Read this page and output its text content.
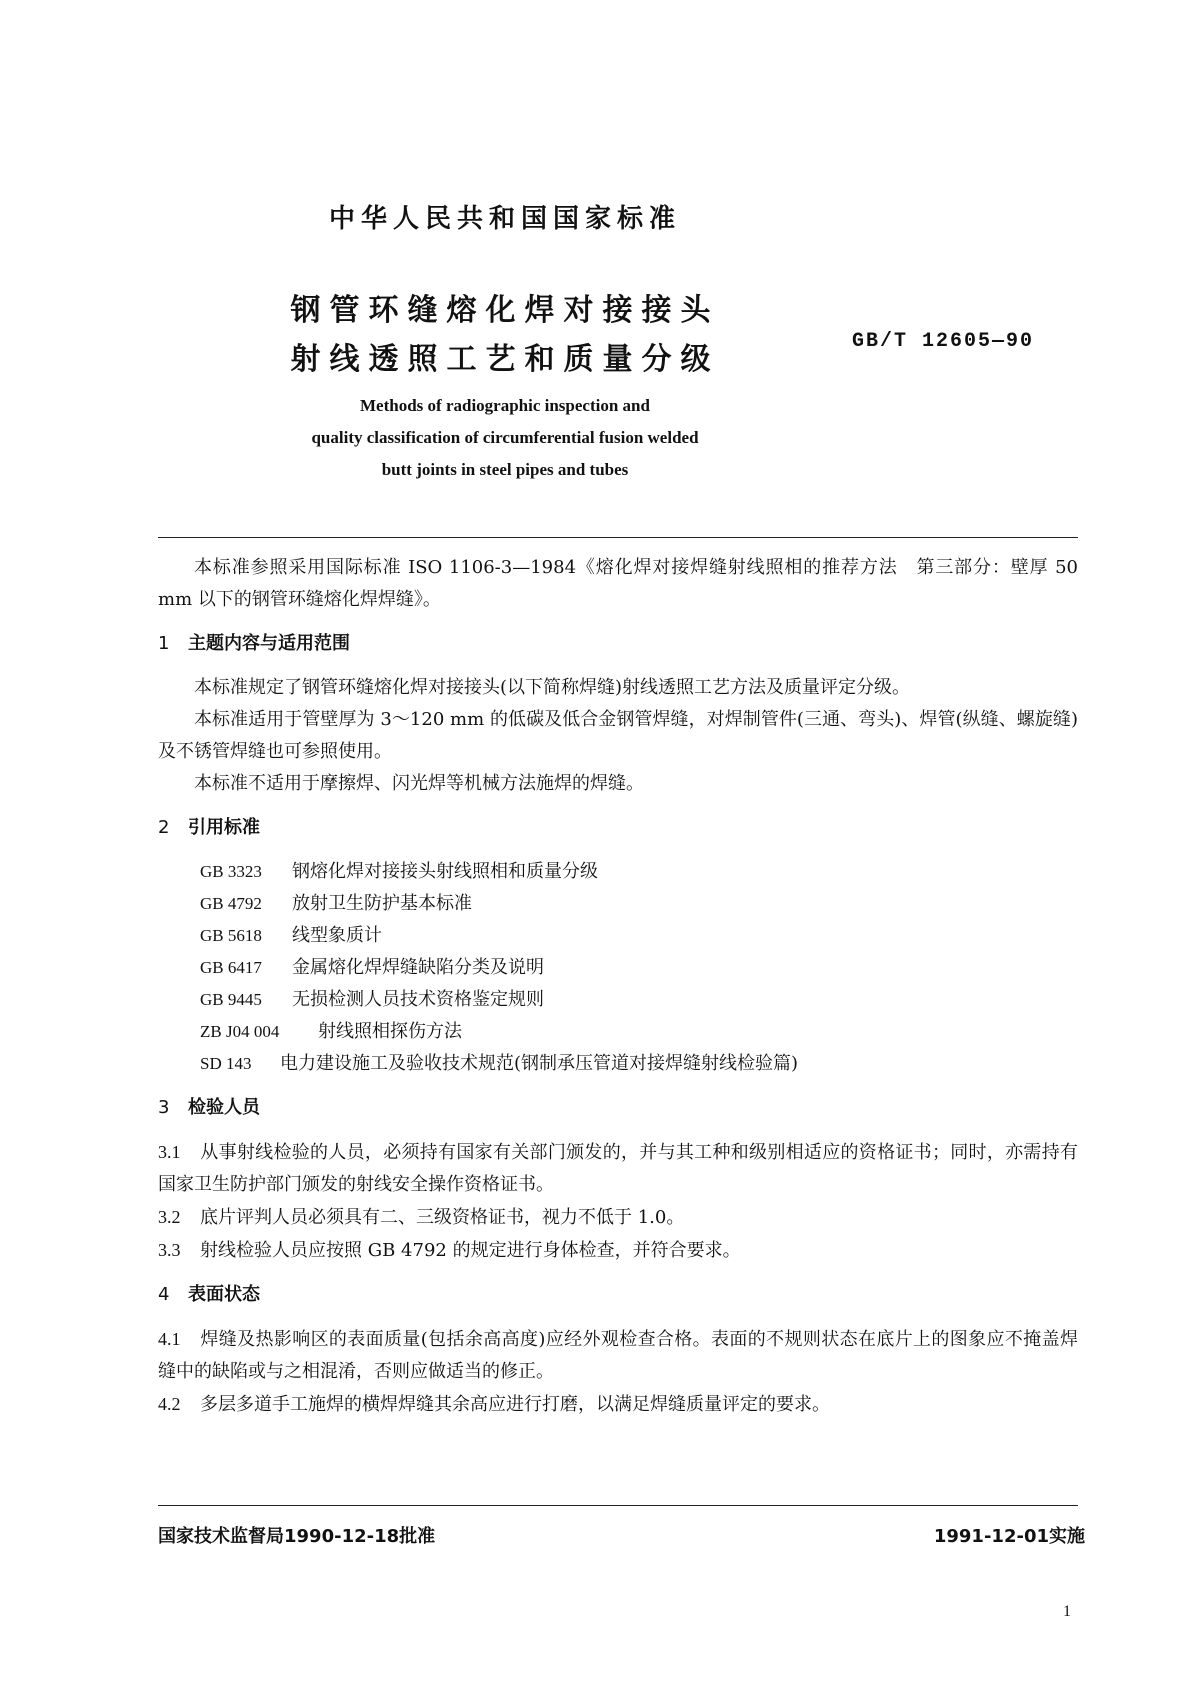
中华人民共和国国家标准
钢管环缝熔化焊对接接头
射线透照工艺和质量分级
GB/T 12605—90
Methods of radiographic inspection and
quality classification of circumferential fusion welded
butt joints in steel pipes and tubes

本标准参照采用国际标准 ISO 1106-3—1984《熔化焊对接焊缝射线照相的推荐方法　第三部分：壁厚 50 mm 以下的钢管环缝熔化焊焊缝》。

1 主题内容与适用范围

本标准规定了钢管环缝熔化焊对接接头(以下简称焊缝)射线透照工艺方法及质量评定分级。

本标准适用于管壁厚为 3～120 mm 的低碳及低合金钢管焊缝，对焊制管件(三通、弯头)、焊管(纵缝、螺旋缝)及不锈管焊缝也可参照使用。

本标准不适用于摩擦焊、闪光焊等机械方法施焊的焊缝。

2 引用标准

GB 3323 钢熔化焊对接接头射线照相和质量分级
GB 4792 放射卫生防护基本标准
GB 5618 线型象质计
GB 6417 金属熔化焊焊缝缺陷分类及说明
GB 9445 无损检测人员技术资格鉴定规则
ZB J04 004 射线照相探伤方法
SD 143 电力建设施工及验收技术规范(钢制承压管道对接焊缝射线检验篇)

3 检验人员

3.1 从事射线检验的人员，必须持有国家有关部门颁发的，并与其工种和级别相适应的资格证书；同时，亦需持有国家卫生防护部门颁发的射线安全操作资格证书。

3.2 底片评判人员必须具有二、三级资格证书，视力不低于 1.0。

3.3 射线检验人员应按照 GB 4792 的规定进行身体检查，并符合要求。

4 表面状态

4.1 焊缝及热影响区的表面质量(包括余高高度)应经外观检查合格。表面的不规则状态在底片上的图象应不掩盖焊缝中的缺陷或与之相混淆，否则应做适当的修正。

4.2 多层多道手工施焊的横焊焊缝其余高应进行打磨，以满足焊缝质量评定的要求。

国家技术监督局1990-12-18批准	1991-12-01实施
1
